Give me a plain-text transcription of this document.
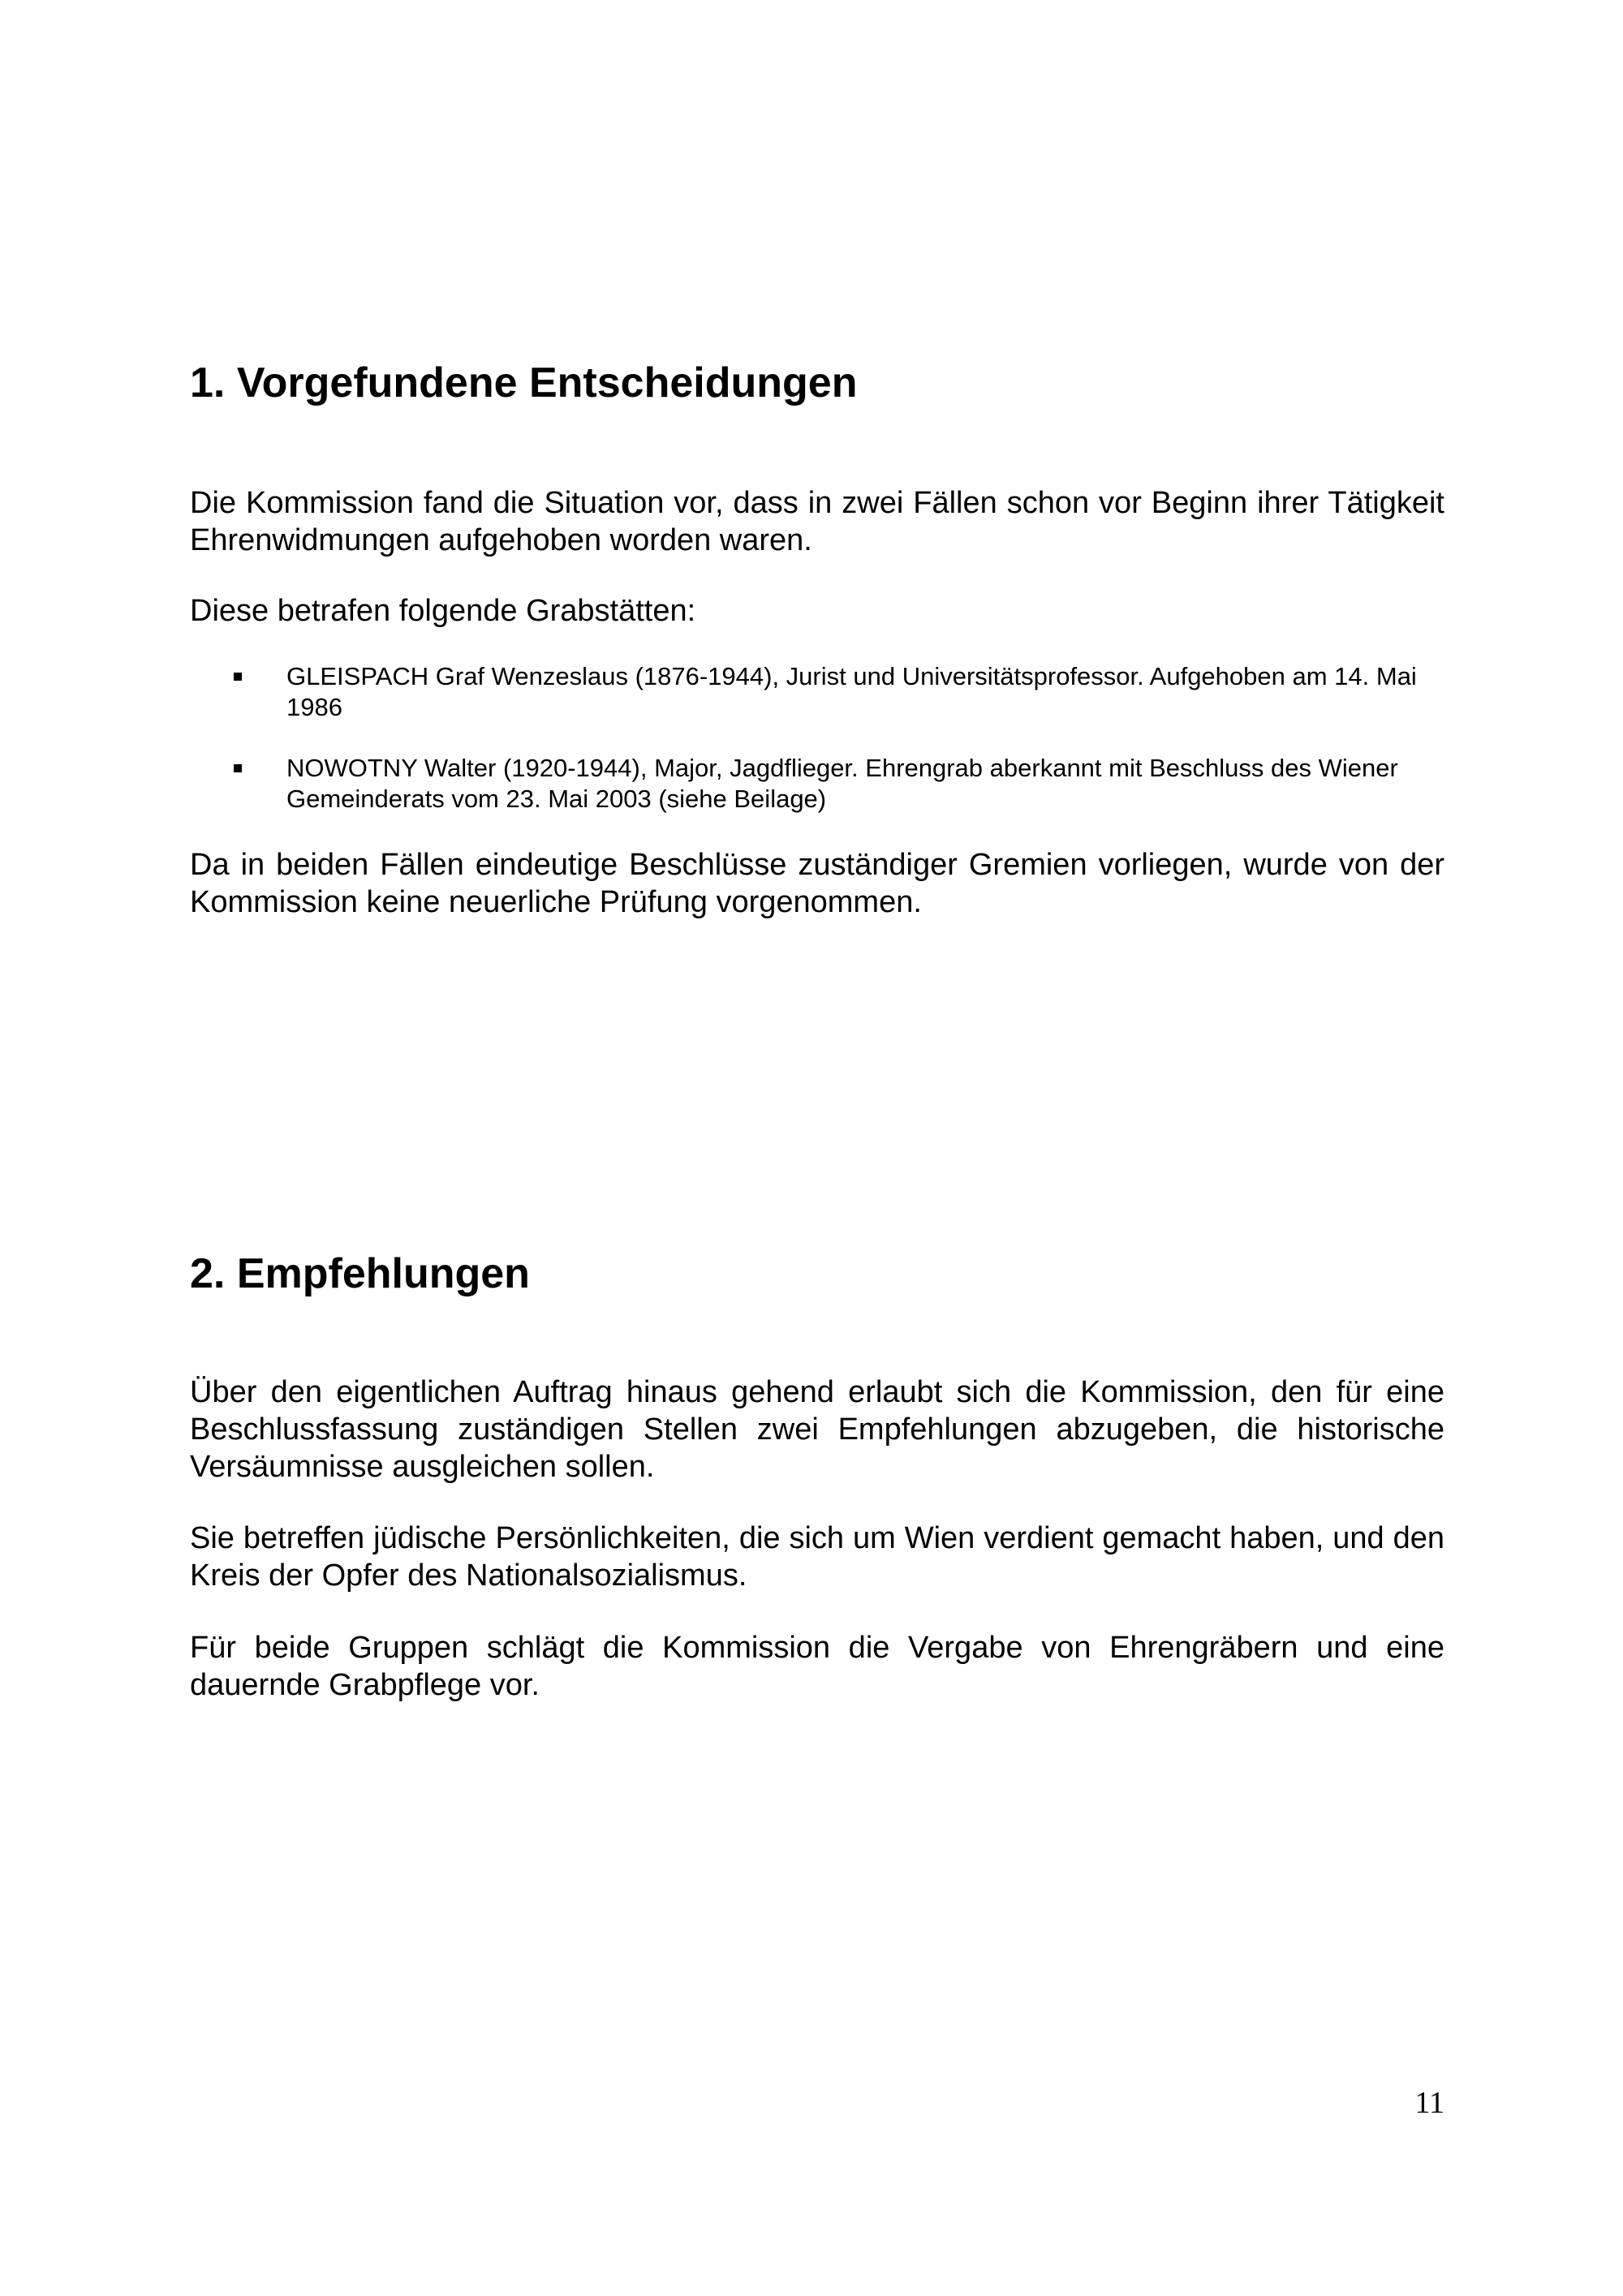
1. Vorgefundene Entscheidungen

Die Kommission fand die Situation vor, dass in zwei Fällen schon vor Beginn ihrer Tätigkeit Ehrenwidmungen aufgehoben worden waren.

Diese betrafen folgende Grabstätten:

GLEISPACH Graf Wenzeslaus (1876-1944), Jurist und Universitätsprofessor. Aufgehoben am 14. Mai 1986
NOWOTNY Walter (1920-1944), Major, Jagdflieger. Ehrengrab aberkannt mit Beschluss des Wiener Gemeinderats vom 23. Mai 2003 (siehe Beilage)

Da in beiden Fällen eindeutige Beschlüsse zuständiger Gremien vorliegen, wurde von der Kommission keine neuerliche Prüfung vorgenommen.

2. Empfehlungen

Über den eigentlichen Auftrag hinaus gehend erlaubt sich die Kommission, den für eine Beschlussfassung zuständigen Stellen zwei Empfehlungen abzugeben, die historische Versäumnisse ausgleichen sollen.

Sie betreffen jüdische Persönlichkeiten, die sich um Wien verdient gemacht haben, und den Kreis der Opfer des Nationalsozialismus.

Für beide Gruppen schlägt die Kommission die Vergabe von Ehrengräbern und eine dauernde Grabpflege vor.

11
